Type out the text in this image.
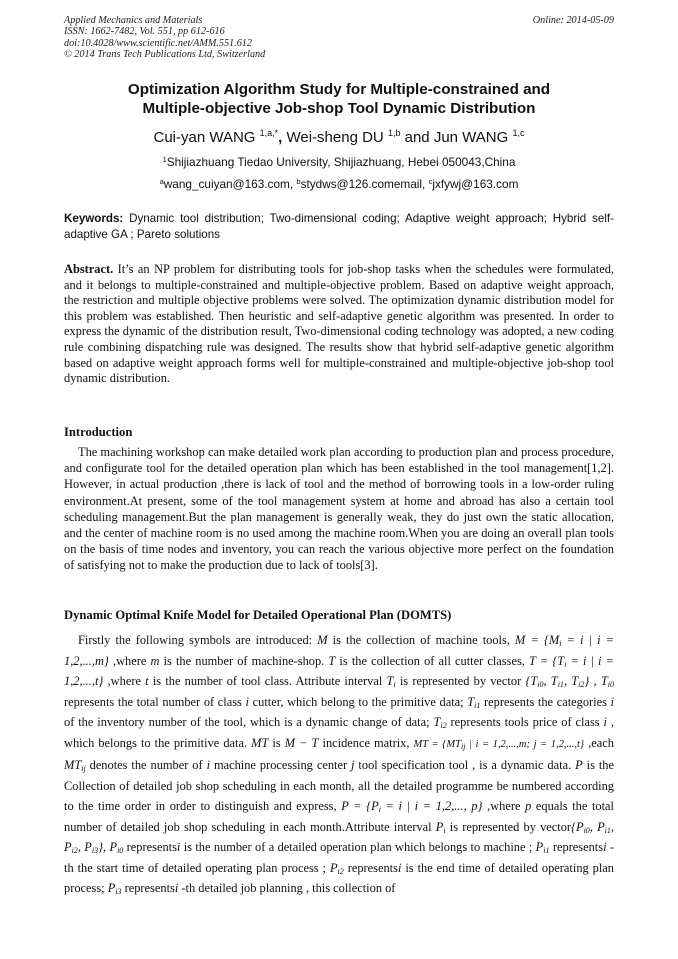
Applied Mechanics and Materials
ISSN: 1662-7482, Vol. 551, pp 612-616
doi:10.4028/www.scientific.net/AMM.551.612
© 2014 Trans Tech Publications Ltd, Switzerland
Online: 2014-05-09
Optimization Algorithm Study for Multiple-constrained and
Multiple-objective Job-shop Tool Dynamic Distribution
Cui-yan WANG $^{1,a,*}$, Wei-sheng DU $^{1,b}$ and Jun WANG $^{1,c}$
$^1$Shijiazhuang Tiedao University, Shijiazhuang, Hebei 050043,China
$^a$wang_cuiyan@163.com, $^b$stydws@126.comemail, $^c$jxfywj@163.com
Keywords: Dynamic tool distribution; Two-dimensional coding; Adaptive weight approach; Hybrid self-adaptive GA ; Pareto solutions
Abstract. It’s an NP problem for distributing tools for job-shop tasks when the schedules were formulated, and it belongs to multiple-constrained and multiple-objective problem. Based on adaptive weight approach, the restriction and multiple objective problems were solved. The optimization dynamic distribution model for this problem was established. Then heuristic and self-adaptive genetic algorithm was presented. In order to express the dynamic of the distribution result, Two-dimensional coding technology was adopted, a new coding rule combining dispatching rule was designed. The results show that hybrid self-adaptive genetic algorithm based on adaptive weight approach forms well for multiple-constrained and multiple-objective job-shop tool dynamic distribution.
Introduction
The machining workshop can make detailed work plan according to production plan and process procedure, and configurate tool for the detailed operation plan which has been established in the tool management[1,2]. However, in actual production ,there is lack of tool and the method of borrowing tools in a low-order ruling environment.At present, some of the tool management system at home and abroad has also a certain tool scheduling management.But the plan management is generally weak, they do just own the static allocation, and the center of machine room is no used among the machine room.When you are doing an overall plan tools on the basis of time nodes and inventory, you can reach the various objective more perfect on the foundation of satisfying not to make the production due to lack of tools[3].
Dynamic Optimal Knife Model for Detailed Operational Plan (DOMTS)
Firstly the following symbols are introduced: M is the collection of machine tools, $M = \{M_i = i$ | i = 1,2,...,m} ,where m is the number of machine-shop. T is the collection of all cutter classes, $T = \{T_i = i$ | i = 1,2,...,t} ,where t is the number of tool class. Attribute interval $T_i$ is represented by vector {$T_{i0}$, $T_{i1}$, $T_{i2}$} , $T_{i0}$ represents the total number of class i cutter, which belong to the primitive data; $T_{i1}$ represents the categories i of the inventory number of the tool, which is a dynamic change of data; $T_{i2}$ represents tools price of class i , which belongs to the primitive data. MT is M − T incidence matrix, MT = {$MT_{ij}$ | i = 1,2,...,m; j = 1,2,...,t} ,each $MT_{ij}$ denotes the number of i machine processing center j tool specification tool , is a dynamic data. P is the Collection of detailed job shop scheduling in each month, all the detailed programme be numbered according to the time order in order to distinguish and express, $P = \{P_i = i$ | i = 1,2,..., p} ,where p equals the total number of detailed job shop scheduling in each month.Attribute interval $P_i$ is represented by $vector\{P_{i0}$, $P_{i1}$, $P_{i2}$, $P_{i3}$}, $P_{i0}$ representsi is the number of a detailed operation plan which belongs to machine ; $P_{i1}$ representsi -th the start time of detailed operating plan process ; $P_{i2}$ representsi is the end time of detailed operating plan process; $P_{i3}$ representsi -th detailed job planning , this collection of
